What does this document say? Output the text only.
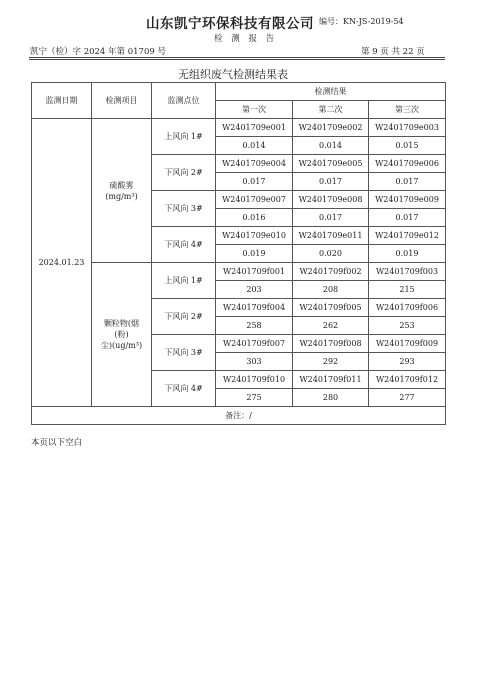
山东凯宁环保科技有限公司 编号：KN-JS-2019-54
检 测 报 告
凯宁（检）字 2024 年第 01709 号	第 9 页 共 22 页
无组织废气检测结果表
监测日期	检测项目	监测点位	检测结果		
			第一次	第二次	第三次
2024.01.23	硫酸雾
(mg/m³)	上风向 1#	W2401709e001	W2401709e002	W2401709e003
			0.014	0.014	0.015
		下风向 2#	W2401709e004	W2401709e005	W2401709e006
			0.017	0.017	0.017
		下风向 3#	W2401709e007	W2401709e008	W2401709e009
			0.016	0.017	0.017
		下风向 4#	W2401709e010	W2401709e011	W2401709e012
			0.019	0.020	0.019

	颗粒物(烟
(粉)
尘)(ug/m³)	上风向 1#	W2401709f001	W2401709f002	W2401709f003
			203	208	215
		下风向 2#	W2401709f004	W2401709f005	W2401709f006
			258	262	253
		下风向 3#	W2401709f007	W2401709f008	W2401709f009
			303	292	293
		下风向 4#	W2401709f010	W2401709f011	W2401709f012
			275	280	277
备注：/					
本页以下空白
